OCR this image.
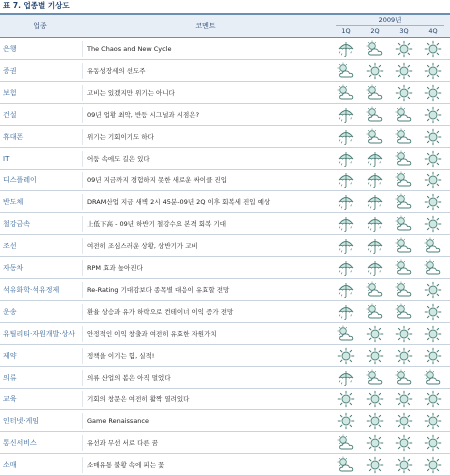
표 7. 업종별 기상도
업종	코멘트
2009년
1Q	2Q	3Q	4Q
은행	The Chaos and New Cycle
증권	유동성장세의 선도주
보험	고비는 있겠지만 위기는 아니다
건설	09년 업황 최악, 반등 시그널과 시점은?
휴대폰	위기는 기회이기도 하다
IT	어둠 속에도 길은 있다
디스플레이	09년 지금까지 경험하지 못한 새로운 싸이클 진입
반도체	DRAM산업 지금 새벽 2시 45분-09년 2Q 이후 회복세 진입 예상
철강금속	上低下高 - 09년 하반기 철강수요 본격 회복 기대
조선	여전히 조심스러운 상황, 상반기가 고비
자동차	RPM 효과 높아진다
석유화학·석유정제	Re-Rating 기대감보다 종목별 대응이 유효할 전망
운송	환율 상승과 유가 하락으로 컨테이너 이익 증가 전망
유틸리티·자원개발·상사	안정적인 이익 창출과 여전히 유효한 자원가치
제약	정책을 이기는 힘, 실적!
의류	의류 산업의 봄은 아직 멀었다
교육	기회의 창문은 여전히 활짝 열려있다
인터넷·게임	Game Renaissance
통신서비스	유선과 무선 서로 다른 꿈
소매	소매유통 불황 속에 피는 꽃
